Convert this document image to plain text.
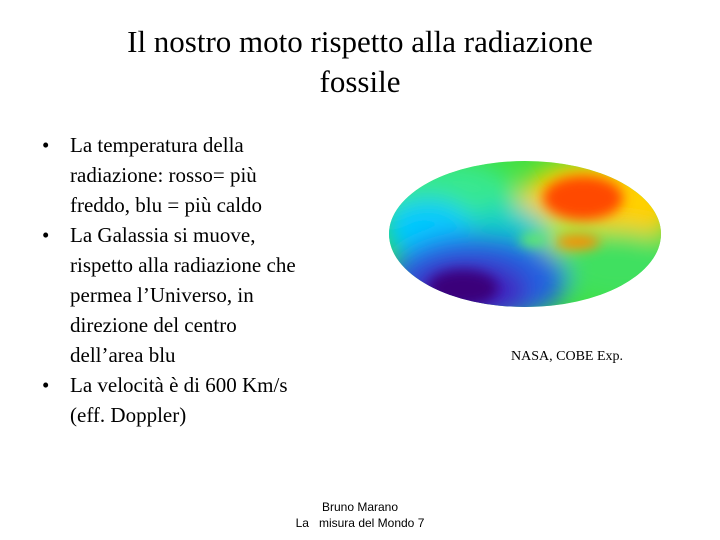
Il nostro moto rispetto alla radiazione
fossile
• La temperatura della
radiazione: rosso= più
freddo, blu = più caldo
• La Galassia si muove,
rispetto alla radiazione che
permea l’Universo, in
direzione del centro
dell’area blu
• La velocità è di 600 Km/s
(eff. Doppler)
NASA, COBE Exp.
Bruno Marano
La   misura del Mondo 7
